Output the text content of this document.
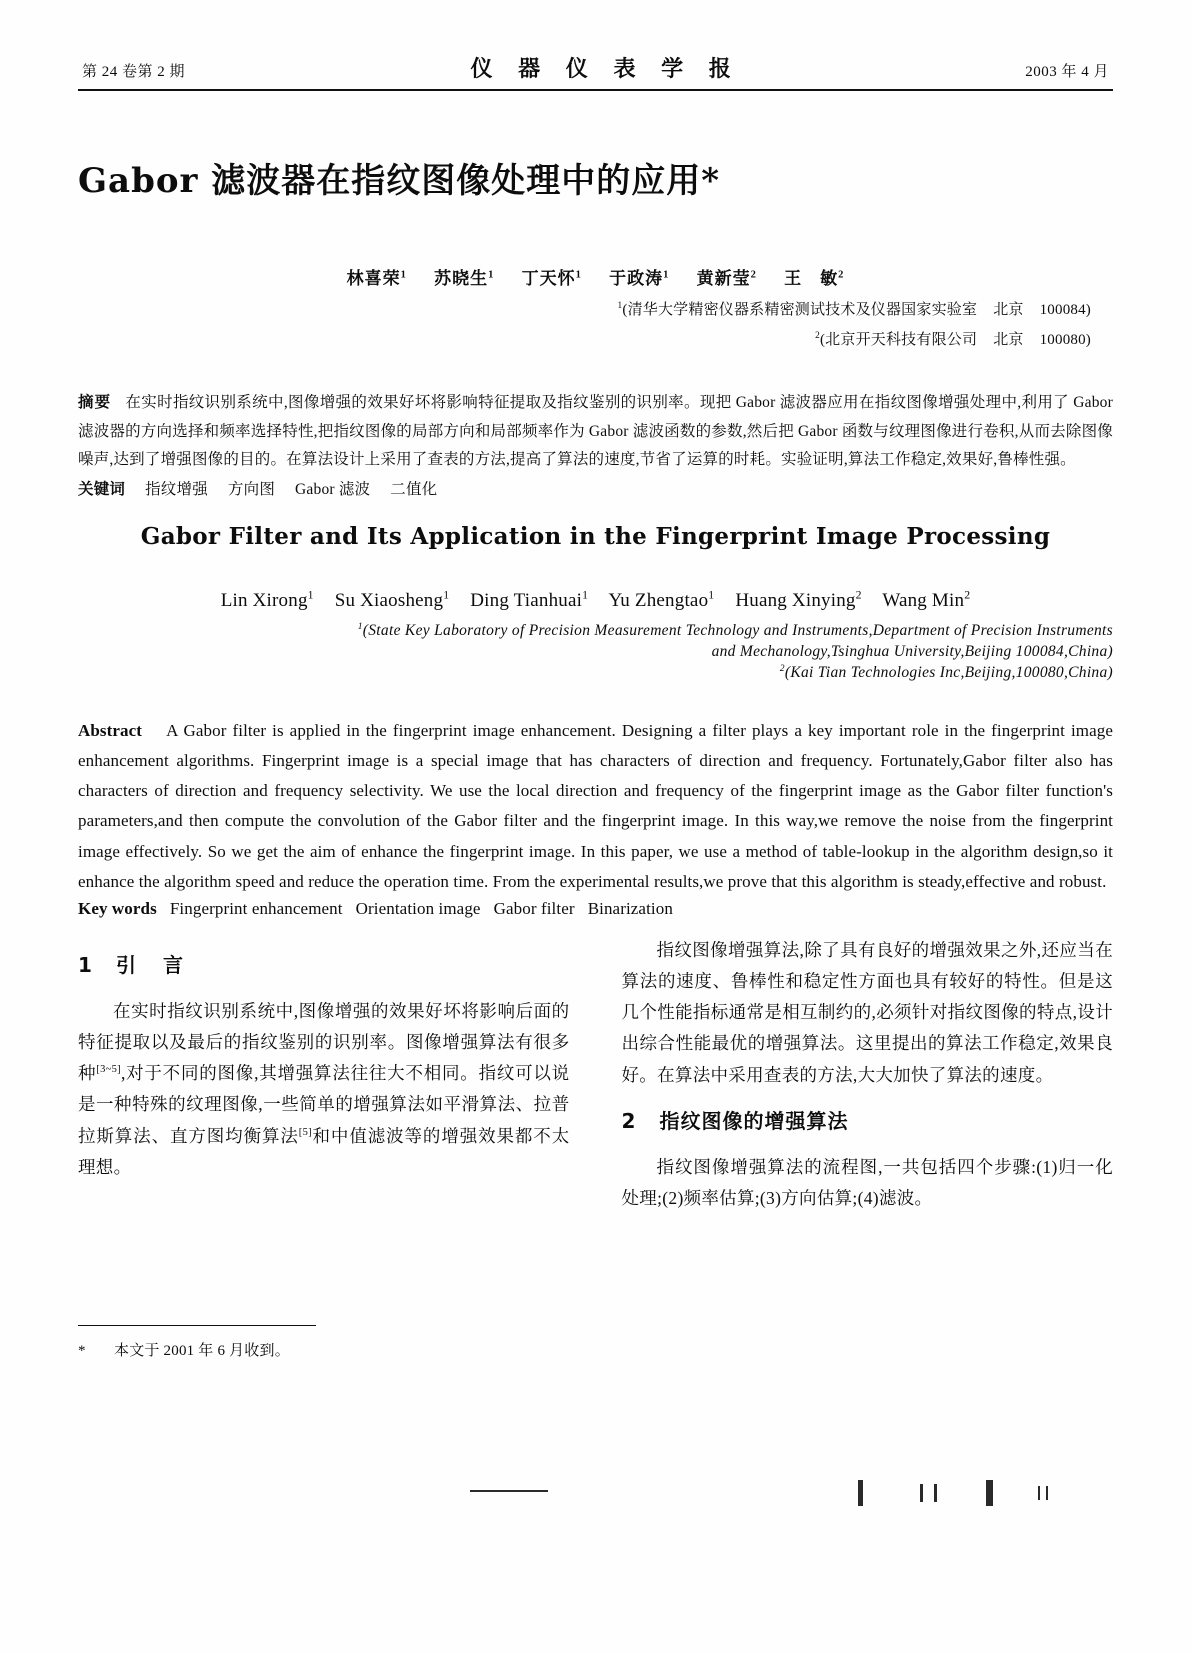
第 24 卷第 2 期	仪 器 仪 表 学 报	2003 年 4 月
Gabor 滤波器在指纹图像处理中的应用*
林喜荣$^1$ 苏晓生$^1$ 丁天怀$^1$ 于政涛$^1$ 黄新莹$^2$ 王　敏$^2$
$^1$(清华大学精密仪器系精密测试技术及仪器国家实验室 北京 100084)
$^2$(北京开天科技有限公司 北京 100080)
摘要 在实时指纹识别系统中,图像增强的效果好坏将影响特征提取及指纹鉴别的识别率。现把 Gabor 滤波器应用在指纹图像增强处理中,利用了 Gabor 滤波器的方向选择和频率选择特性,把指纹图像的局部方向和局部频率作为 Gabor 滤波函数的参数,然后把 Gabor 函数与纹理图像进行卷积,从而去除图像噪声,达到了增强图像的目的。在算法设计上采用了查表的方法,提高了算法的速度,节省了运算的时耗。实验证明,算法工作稳定,效果好,鲁棒性强。
关键词 指纹增强 方向图 Gabor 滤波 二值化
Gabor Filter and Its Application in the Fingerprint Image Processing
Lin Xirong$^1$ Su Xiaosheng$^1$ Ding Tianhuai$^1$ Yu Zhengtao$^1$ Huang Xinying$^2$ Wang Min$^2$
$^1$(State Key Laboratory of Precision Measurement Technology and Instruments,Department of Precision Instruments
and Mechanology,Tsinghua University,Beijing 100084,China)
$^2$(Kai Tian Technologies Inc,Beijing,100080,China)
Abstract A Gabor filter is applied in the fingerprint image enhancement. Designing a filter plays a key important role in the fingerprint image enhancement algorithms. Fingerprint image is a special image that has characters of direction and frequency. Fortunately,Gabor filter also has characters of direction and frequency selectivity. We use the local direction and frequency of the fingerprint image as the Gabor filter function's parameters,and then compute the convolution of the Gabor filter and the fingerprint image. In this way,we remove the noise from the fingerprint image effectively. So we get the aim of enhance the fingerprint image. In this paper, we use a method of table-lookup in the algorithm design,so it enhance the algorithm speed and reduce the operation time. From the experimental results,we prove that this algorithm is steady,effective and robust.
Key words Fingerprint enhancement Orientation image Gabor filter Binarization
1 引 言

在实时指纹识别系统中,图像增强的效果好坏将影响后面的特征提取以及最后的指纹鉴别的识别率。图像增强算法有很多种[3~5],对于不同的图像,其增强算法往往大不相同。指纹可以说是一种特殊的纹理图像,一些简单的增强算法如平滑算法、拉普拉斯算法、直方图均衡算法[5]和中值滤波等的增强效果都不太理想。

指纹图像增强算法,除了具有良好的增强效果之外,还应当在算法的速度、鲁棒性和稳定性方面也具有较好的特性。但是这几个性能指标通常是相互制约的,必须针对指纹图像的特点,设计出综合性能最优的增强算法。这里提出的算法工作稳定,效果良好。在算法中采用查表的方法,大大加快了算法的速度。

2 指纹图像的增强算法

指纹图像增强算法的流程图,一共包括四个步骤:(1)归一化处理;(2)频率估算;(3)方向估算;(4)滤波。

* 本文于 2001 年 6 月收到。
